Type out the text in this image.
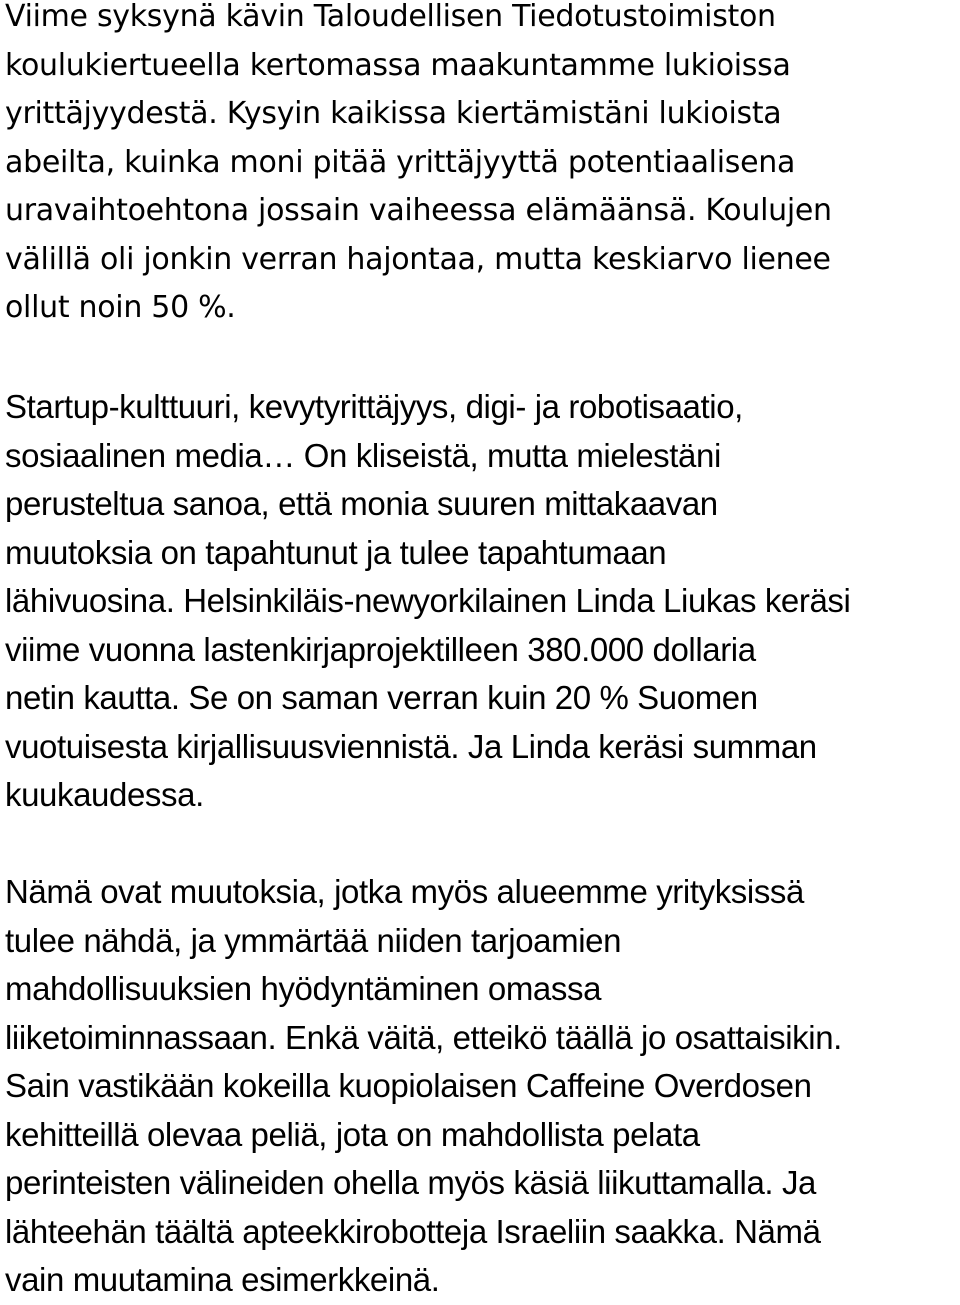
Viime syksynä kävin Taloudellisen Tiedotustoimiston
koulukiertueella kertomassa maakuntamme lukioissa
yrittäjyydestä. Kysyin kaikissa kiertämistäni lukioista
abeilta, kuinka moni pitää yrittäjyyttä potentiaalisena
uravaihtoehtona jossain vaiheessa elämäänsä. Koulujen
välillä oli jonkin verran hajontaa, mutta keskiarvo lienee
ollut noin 50 %.
Startup-kulttuuri, kevytyrittäjyys, digi- ja robotisaatio,
sosiaalinen media… On kliseistä, mutta mielestäni
perusteltua sanoa, että monia suuren mittakaavan
muutoksia on tapahtunut ja tulee tapahtumaan
lähivuosina. Helsinkiläis-newyorkilainen Linda Liukas keräsi
viime vuonna lastenkirjaprojektilleen 380.000 dollaria
netin kautta. Se on saman verran kuin 20 % Suomen
vuotuisesta kirjallisuusviennistä. Ja Linda keräsi summan
kuukaudessa.
Nämä ovat muutoksia, jotka myös alueemme yrityksissä
tulee nähdä, ja ymmärtää niiden tarjoamien
mahdollisuuksien hyödyntäminen omassa
liiketoiminnassaan. Enkä väitä, etteikö täällä jo osattaisikin.
Sain vastikään kokeilla kuopiolaisen Caffeine Overdosen
kehitteillä olevaa peliä, jota on mahdollista pelata
perinteisten välineiden ohella myös käsiä liikuttamalla. Ja
lähteehän täältä apteekkirobotteja Israeliin saakka. Nämä
vain muutamina esimerkkeinä.
